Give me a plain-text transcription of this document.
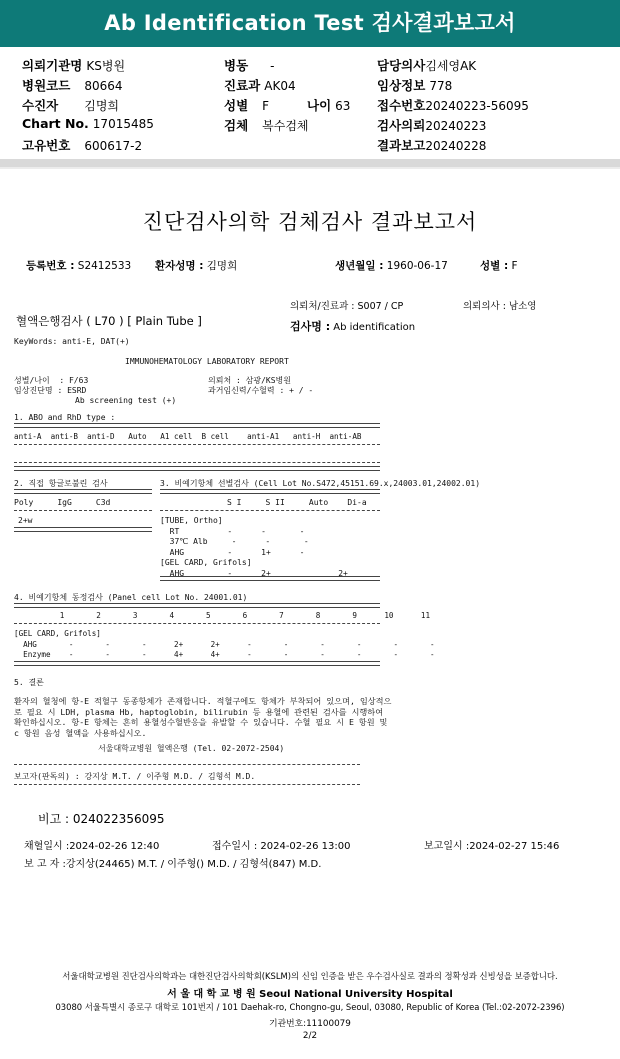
Ab Identification Test 검사결과보고서
의뢰기관명 KS병원	병동 -	담당의사김세영AK
병원코드 80664	진료과 AK04	임상정보 778
수진자 김명희	성별 F	나이 63 접수번호20240223-56095
Chart No. 17015485	검체 복수검체	검사의뢰20240223
고유번호 600617-2	결과보고20240228
진단검사의학 검체검사 결과보고서
등록번호 : S2412533 환자성명 : 김명희	생년월일 : 1960-06-17	성별 : F
의뢰처/진료과 : S007 / CP	의뢰의사 : 남소영
혈액은행검사 ( L70 ) [ Plain Tube ]	검사명 : Ab identification
KeyWords: anti-E, DAT(+)
IMMUNOHEMATOLOGY LABORATORY REPORT
성별/나이  : F/63
임상진단명 : ESRD
Ab screening test (+)
의뢰처 : 삼광/KS병원
과거임신력/수혈력 : + / -
1. ABO and RhD type :
anti-A  anti-B  anti-D   Auto   A1 cell  B cell    anti-A1   anti-H  anti-AB
2. 직접 항글로불린 검사
Poly     IgG     C3d
2+w
3. 비예기항체 선별검사 (Cell Lot No.S472,45151.69.x,24003.01,24002.01)
S I     S II     Auto    Di-a
[TUBE, Ortho]
RT          -      -       -
37℃ Alb     -      -       -
AHG         -      1+      -
[GEL CARD, Grifols]
AHG         -      2+              2+
4. 비예기항체 동정검사 (Panel cell Lot No. 24001.01)
1       2       3       4       5       6       7       8       9      10      11
[GEL CARD, Grifols]
AHG       -       -       -      2+      2+      -       -       -       -       -       -
Enzyme    -       -       -      4+      4+      -       -       -       -       -       -
5. 결론
환자의 혈청에 항-E 적혈구 동종항체가 존재합니다. 적혈구에도 항체가 부착되어 있으며, 임상적으로 필요 시 LDH, plasma Hb, haptoglobin, bilirubin 등 용혈에 관련된 검사를 시행하여 확인하십시오. 항-E 항체는 흔히 용혈성수혈반응을 유발할 수 있습니다. 수혈 필요 시 E 항원 및 c 항원 음성 혈액을 사용하십시오.
서울대학교병원 혈액은행 (Tel. 02-2072-2504)
보고자(판독의) : 강지상 M.T. / 이주형 M.D. / 김형석 M.D.
비고 : 024022356095
채혈일시 :2024-02-26 12:40	접수일시 : 2024-02-26 13:00	보고일시 :2024-02-27 15:46
보 고 자 :강지상(24465) M.T. / 이주형() M.D. / 김형석(847) M.D.
서울대학교병원 진단검사의학과는 대한진단검사의학회(KSLM)의 신임 인증을 받은 우수검사실로 결과의 정확성과 신빙성을 보증합니다.
서 울 대 학 교 병 원 Seoul National University Hospital
03080 서울특별시 종로구 대학로 101번지 / 101 Daehak-ro, Chongno-gu, Seoul, 03080, Republic of Korea (Tel.:02-2072-2396)
기관번호:11100079
2/2
